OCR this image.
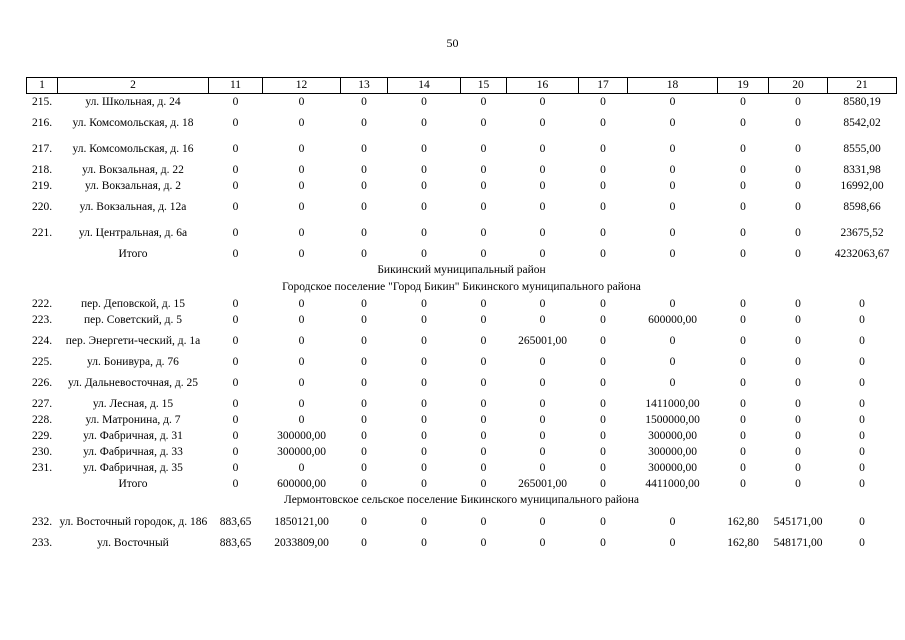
50
1	2	11	12	13	14	15	16	17	18	19	20	21
215.	ул. Школьная, д. 24	0	0	0	0	0	0	0	0	0	0	8580,19
216.	ул. Комсомольская, д. 18	0	0	0	0	0	0	0	0	0	0	8542,02
217.	ул. Комсомольская, д. 16	0	0	0	0	0	0	0	0	0	0	8555,00
218.	ул. Вокзальная, д. 22	0	0	0	0	0	0	0	0	0	0	8331,98
219.	ул. Вокзальная, д. 2	0	0	0	0	0	0	0	0	0	0	16992,00
220.	ул. Вокзальная, д. 12а	0	0	0	0	0	0	0	0	0	0	8598,66
221.	ул. Центральная, д. 6а	0	0	0	0	0	0	0	0	0	0	23675,52
	Итого	0	0	0	0	0	0	0	0	0	0	4232063,67
Бикинский муниципальный район												
Городское поселение "Город Бикин" Бикинского муниципального района												
222.	пер. Деповской, д. 15	0	0	0	0	0	0	0	0	0	0	0
223.	пер. Советский, д. 5	0	0	0	0	0	0	0	600000,00	0	0	0
224.	пер. Энергети-ческий, д. 1а	0	0	0	0	0	265001,00	0	0	0	0	0
225.	ул. Бонивура, д. 76	0	0	0	0	0	0	0	0	0	0	0
226.	ул. Дальневосточная, д. 25	0	0	0	0	0	0	0	0	0	0	0
227.	ул. Лесная, д. 15	0	0	0	0	0	0	0	1411000,00	0	0	0
228.	ул. Матронина, д. 7	0	0	0	0	0	0	0	1500000,00	0	0	0
229.	ул. Фабричная, д. 31	0	300000,00	0	0	0	0	0	300000,00	0	0	0
230.	ул. Фабричная, д. 33	0	300000,00	0	0	0	0	0	300000,00	0	0	0
231.	ул. Фабричная, д. 35	0	0	0	0	0	0	0	300000,00	0	0	0
	Итого	0	600000,00	0	0	0	265001,00	0	4411000,00	0	0	0
Лермонтовское сельское поселение Бикинского муниципального района												
232.	ул. Восточный городок, д. 186	883,65	1850121,00	0	0	0	0	0	0	162,80	545171,00	0
233.	ул. Восточный	883,65	2033809,00	0	0	0	0	0	0	162,80	548171,00	0
